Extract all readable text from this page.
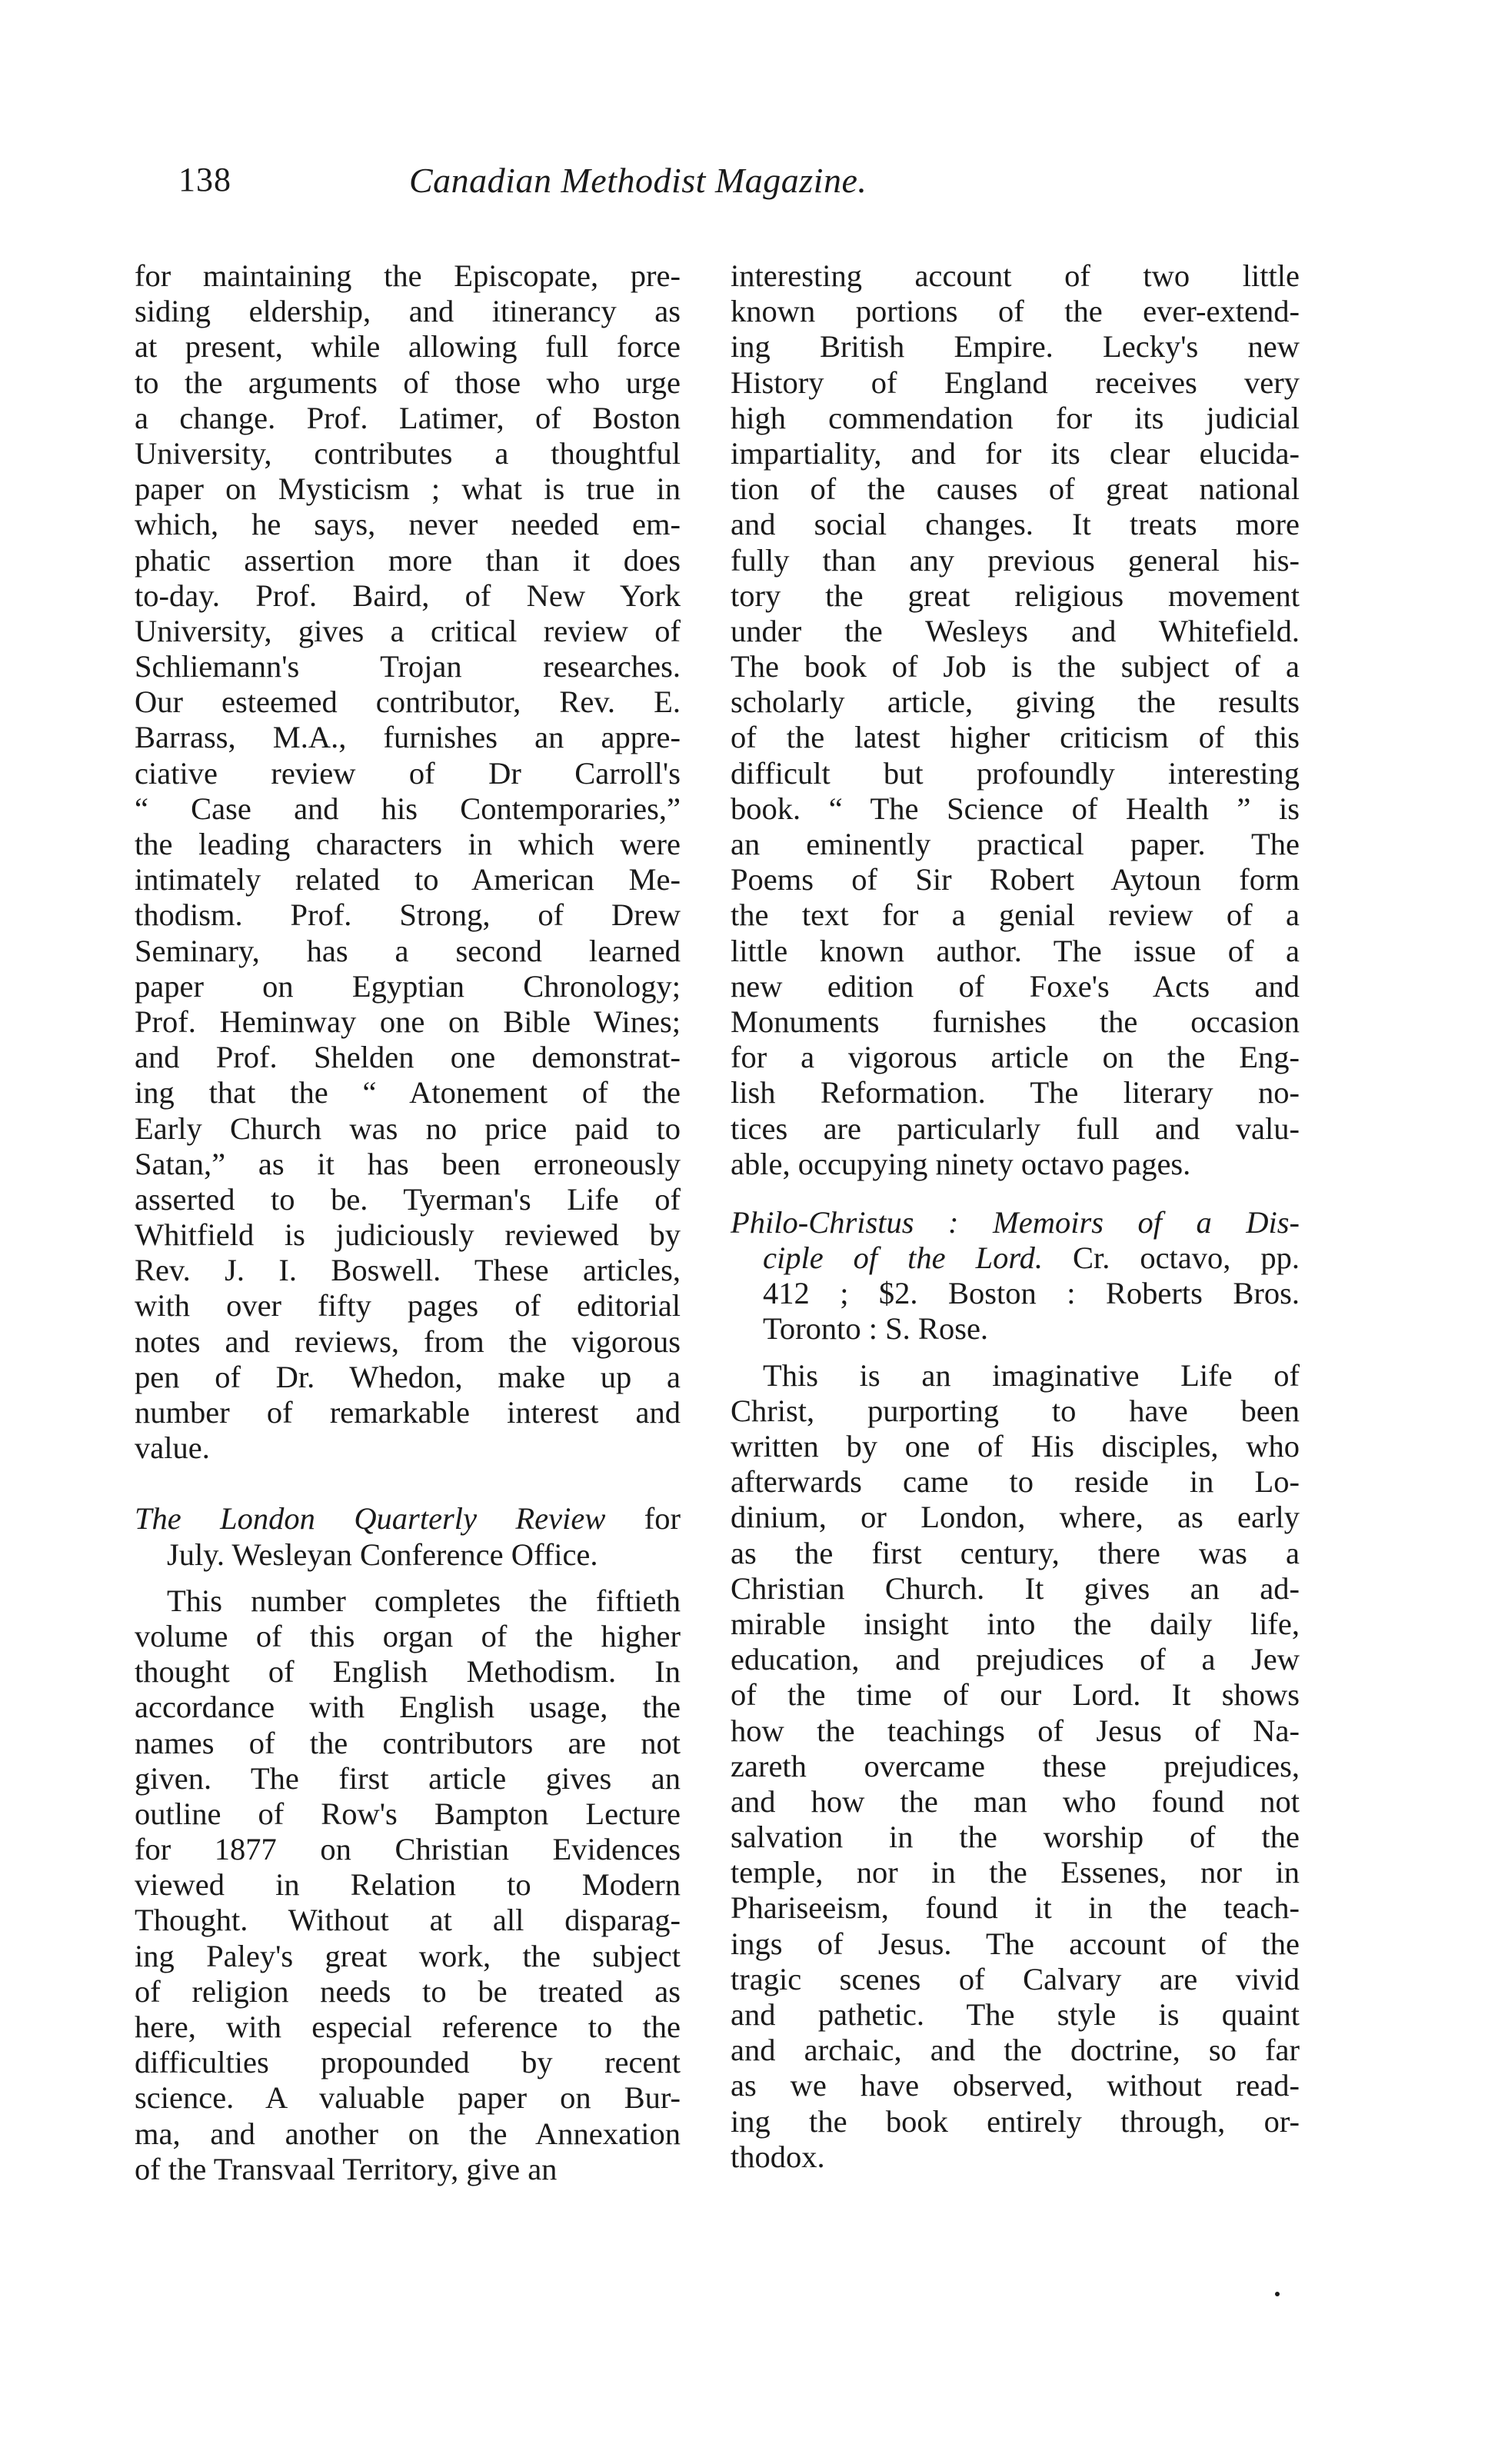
138	Canadian Methodist Magazine.
for maintaining the Episcopate, pre-
siding eldership, and itinerancy as
at present, while allowing full force
to the arguments of those who urge
a change. Prof. Latimer, of Boston
University, contributes a thoughtful
paper on Mysticism ; what is true in
which, he says, never needed em-
phatic assertion more than it does
to-day. Prof. Baird, of New York
University, gives a critical review of
Schliemann's Trojan researches.
Our esteemed contributor, Rev. E.
Barrass, M.A., furnishes an appre-
ciative review of Dr Carroll's
“ Case and his Contemporaries,”
the leading characters in which were
intimately related to American Me-
thodism. Prof. Strong, of Drew
Seminary, has a second learned
paper on Egyptian Chronology;
Prof. Heminway one on Bible Wines;
and Prof. Shelden one demonstrat-
ing that the “ Atonement of the
Early Church was no price paid to
Satan,” as it has been erroneously
asserted to be. Tyerman's Life of
Whitfield is judiciously reviewed by
Rev. J. I. Boswell. These articles,
with over fifty pages of editorial
notes and reviews, from the vigorous
pen of Dr. Whedon, make up a
number of remarkable interest and
value.
The London Quarterly Review for
July. Wesleyan Conference Office.
This number completes the fiftieth
volume of this organ of the higher
thought of English Methodism. In
accordance with English usage, the
names of the contributors are not
given. The first article gives an
outline of Row's Bampton Lecture
for 1877 on Christian Evidences
viewed in Relation to Modern
Thought. Without at all disparag-
ing Paley's great work, the subject
of religion needs to be treated as
here, with especial reference to the
difficulties propounded by recent
science. A valuable paper on Bur-
ma, and another on the Annexation
of the Transvaal Territory, give an
interesting account of two little
known portions of the ever-extend-
ing British Empire. Lecky's new
History of England receives very
high commendation for its judicial
impartiality, and for its clear elucida-
tion of the causes of great national
and social changes. It treats more
fully than any previous general his-
tory the great religious movement
under the Wesleys and Whitefield.
The book of Job is the subject of a
scholarly article, giving the results
of the latest higher criticism of this
difficult but profoundly interesting
book. “ The Science of Health ” is
an eminently practical paper. The
Poems of Sir Robert Aytoun form
the text for a genial review of a
little known author. The issue of a
new edition of Foxe's Acts and
Monuments furnishes the occasion
for a vigorous article on the Eng-
lish Reformation. The literary no-
tices are particularly full and valu-
able, occupying ninety octavo pages.
Philo-Christus : Memoirs of a Dis-
ciple of the Lord. Cr. octavo, pp.
412 ; $2. Boston : Roberts Bros.
Toronto : S. Rose.
This is an imaginative Life of
Christ, purporting to have been
written by one of His disciples, who
afterwards came to reside in Lo-
dinium, or London, where, as early
as the first century, there was a
Christian Church. It gives an ad-
mirable insight into the daily life,
education, and prejudices of a Jew
of the time of our Lord. It shows
how the teachings of Jesus of Na-
zareth overcame these prejudices,
and how the man who found not
salvation in the worship of the
temple, nor in the Essenes, nor in
Phariseeism, found it in the teach-
ings of Jesus. The account of the
tragic scenes of Calvary are vivid
and pathetic. The style is quaint
and archaic, and the doctrine, so far
as we have observed, without read-
ing the book entirely through, or-
thodox.
